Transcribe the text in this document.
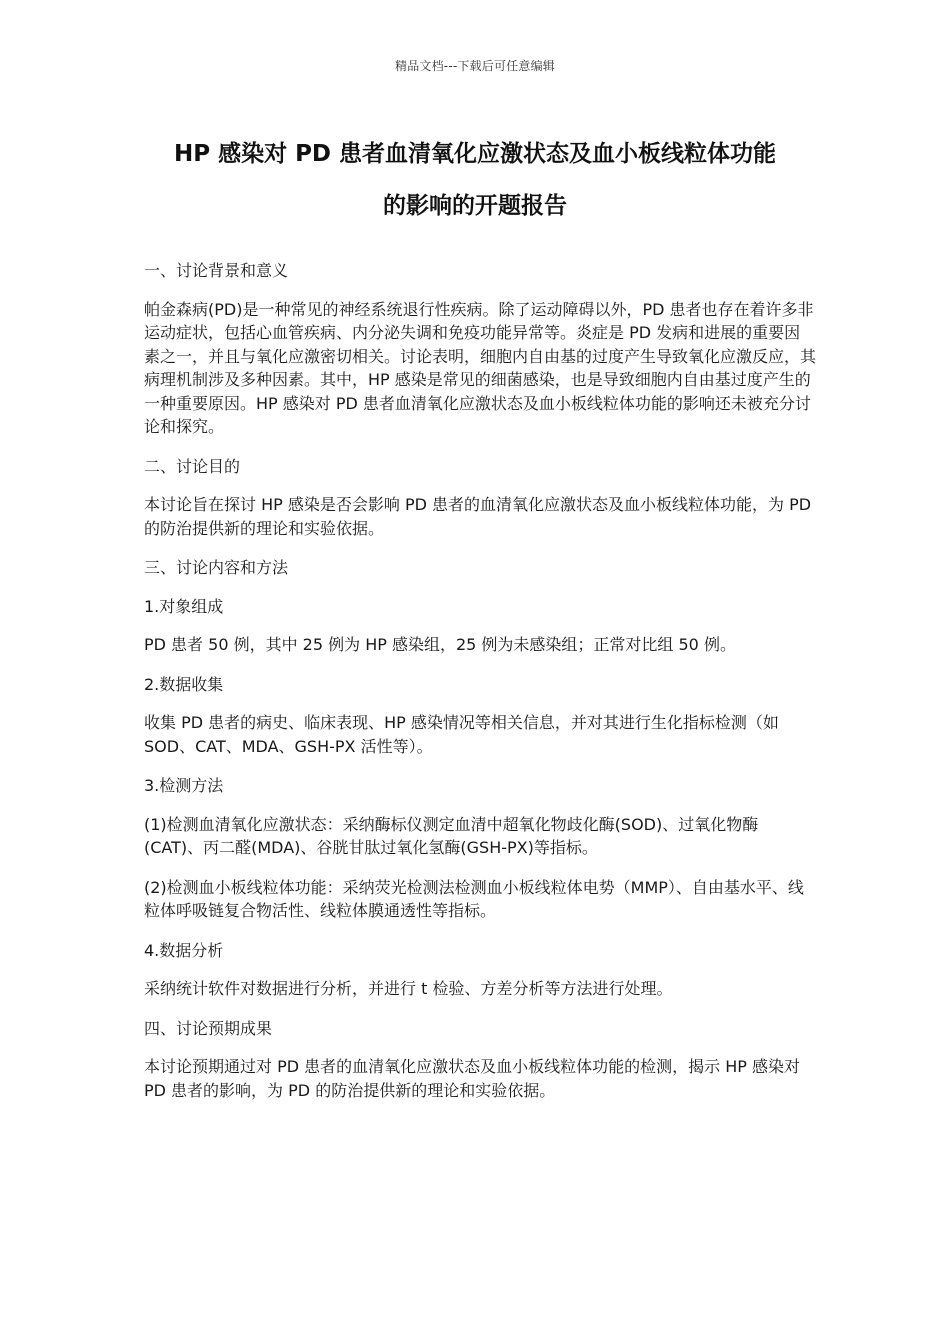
精品文档---下载后可任意编辑
HP 感染对 PD 患者血清氧化应激状态及血小板线粒体功能
的影响的开题报告

一、讨论背景和意义

帕金森病(PD)是一种常见的神经系统退行性疾病。除了运动障碍以外，PD 患者也存在着许多非运动症状，包括心血管疾病、内分泌失调和免疫功能异常等。炎症是 PD 发病和进展的重要因素之一，并且与氧化应激密切相关。讨论表明，细胞内自由基的过度产生导致氧化应激反应，其病理机制涉及多种因素。其中，HP 感染是常见的细菌感染，也是导致细胞内自由基过度产生的一种重要原因。HP 感染对 PD 患者血清氧化应激状态及血小板线粒体功能的影响还未被充分讨论和探究。

二、讨论目的

本讨论旨在探讨 HP 感染是否会影响 PD 患者的血清氧化应激状态及血小板线粒体功能，为 PD 的防治提供新的理论和实验依据。

三、讨论内容和方法

1.对象组成

PD 患者 50 例，其中 25 例为 HP 感染组，25 例为未感染组；正常对比组 50 例。

2.数据收集

收集 PD 患者的病史、临床表现、HP 感染情况等相关信息，并对其进行生化指标检测（如 SOD、CAT、MDA、GSH-PX 活性等）。

3.检测方法

(1)检测血清氧化应激状态：采纳酶标仪测定血清中超氧化物歧化酶(SOD)、过氧化物酶(CAT)、丙二醛(MDA)、谷胱甘肽过氧化氢酶(GSH-PX)等指标。

(2)检测血小板线粒体功能：采纳荧光检测法检测血小板线粒体电势（MMP）、自由基水平、线粒体呼吸链复合物活性、线粒体膜通透性等指标。

4.数据分析

采纳统计软件对数据进行分析，并进行 t 检验、方差分析等方法进行处理。

四、讨论预期成果

本讨论预期通过对 PD 患者的血清氧化应激状态及血小板线粒体功能的检测，揭示 HP 感染对 PD 患者的影响，为 PD 的防治提供新的理论和实验依据。
